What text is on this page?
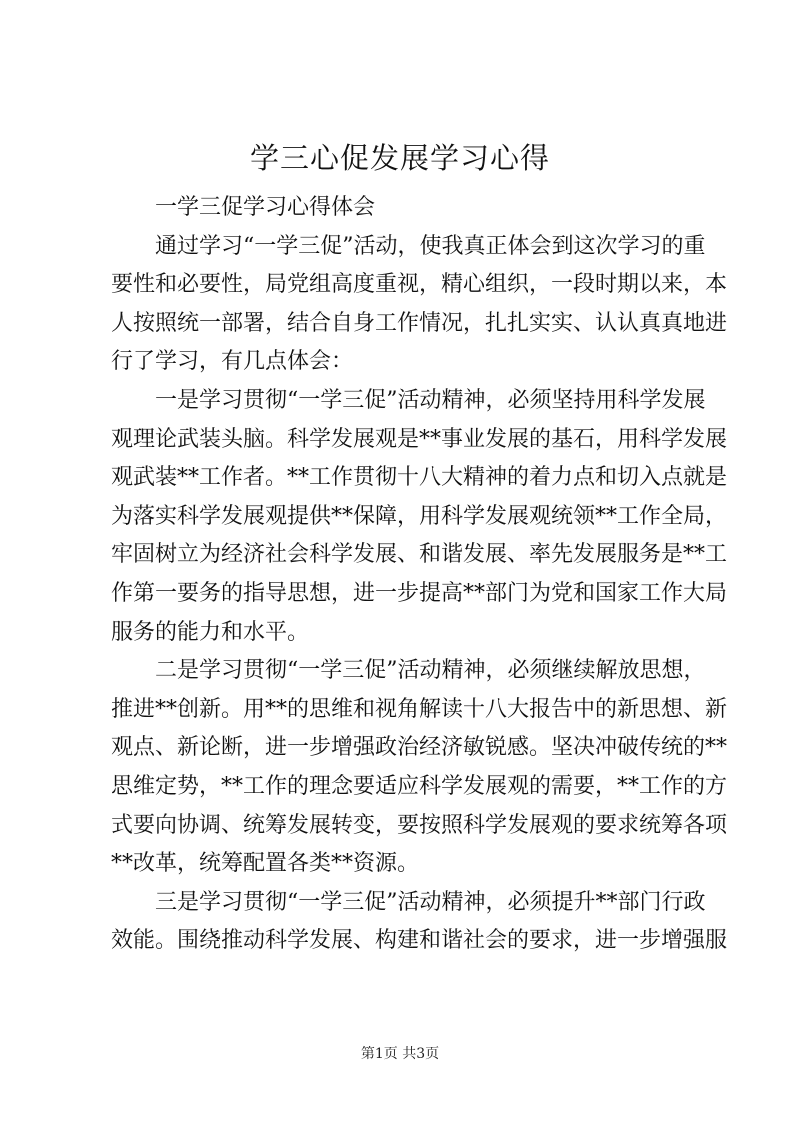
学三心促发展学习心得
一学三促学习心得体会
通过学习“一学三促”活动，使我真正体会到这次学习的重
要性和必要性，局党组高度重视，精心组织，一段时期以来，本
人按照统一部署，结合自身工作情况，扎扎实实、认认真真地进
行了学习，有几点体会：
一是学习贯彻“一学三促”活动精神，必须坚持用科学发展
观理论武装头脑。科学发展观是**事业发展的基石，用科学发展
观武装**工作者。**工作贯彻十八大精神的着力点和切入点就是
为落实科学发展观提供**保障，用科学发展观统领**工作全局，
牢固树立为经济社会科学发展、和谐发展、率先发展服务是**工
作第一要务的指导思想，进一步提高**部门为党和国家工作大局
服务的能力和水平。
二是学习贯彻“一学三促”活动精神，必须继续解放思想，
推进**创新。用**的思维和视角解读十八大报告中的新思想、新
观点、新论断，进一步增强政治经济敏锐感。坚决冲破传统的**
思维定势，**工作的理念要适应科学发展观的需要，**工作的方
式要向协调、统筹发展转变，要按照科学发展观的要求统筹各项
**改革，统筹配置各类**资源。
三是学习贯彻“一学三促”活动精神，必须提升**部门行政
效能。围绕推动科学发展、构建和谐社会的要求，进一步增强服
第1页 共3页
